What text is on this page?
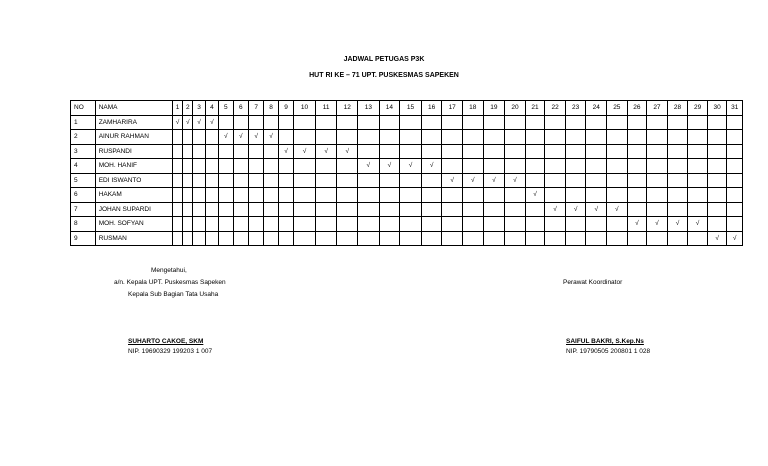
JADWAL PETUGAS P3K
HUT RI KE – 71 UPT. PUSKESMAS SAPEKEN
NO	NAMA	1	2	3	4	5	6	7	8	9	10	11	12	13	14	15	16	17	18	19	20	21	22	23	24	25	26	27	28	29	30	31
1	ZAMHARIRA	√	√	√	√																											
2	AINUR RAHMAN					√	√	√	√																							
3	RUSPANDI									√	√	√	√																			
4	MOH. HANIF													√	√	√	√															
5	EDI ISWANTO																	√	√	√	√											
6	HAKAM																					√										
7	JOHAN SUPARDI																						√	√	√	√						
8	MOH. SOFYAN																										√	√	√	√		
9	RUSMAN																														√	√
Mengetahui,
a/n. Kepala UPT. Puskesmas Sapeken
Kepala Sub Bagian Tata Usaha
SUHARTO CAKOE, SKM
NIP. 19690329 199203 1 007
Perawat Koordinator
SAIFUL BAKRI, S.Kep.Ns
NIP. 19790505 200801 1 028
